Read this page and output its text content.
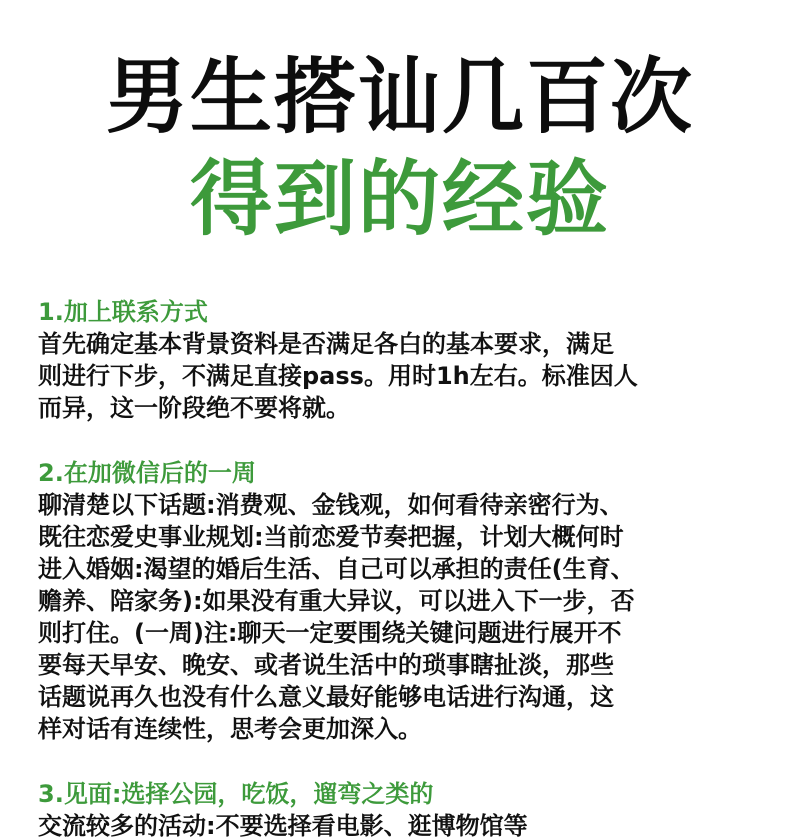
男生搭讪几百次
得到的经验
1.加上联系方式
首先确定基本背景资料是否满足各白的基本要求，满足
则进行下步，不满足直接pass。用时1h左右。标准因人
而异，这一阶段绝不要将就。
2.在加微信后的一周
聊清楚以下话题:消费观、金钱观，如何看待亲密行为、
既往恋爱史事业规划:当前恋爱节奏把握，计划大概何时
进入婚姻:渴望的婚后生活、自己可以承担的责任(生育、
赡养、陪家务):如果没有重大异议，可以进入下一步，否
则打住。(一周)注:聊天一定要围绕关键问题进行展开不
要每天早安、晚安、或者说生活中的琐事瞎扯淡，那些
话题说再久也没有什么意义最好能够电话进行沟通，这
样对话有连续性，思考会更加深入。
3.见面:选择公园，吃饭，遛弯之类的
交流较多的活动:不要选择看电影、逛博物馆等
